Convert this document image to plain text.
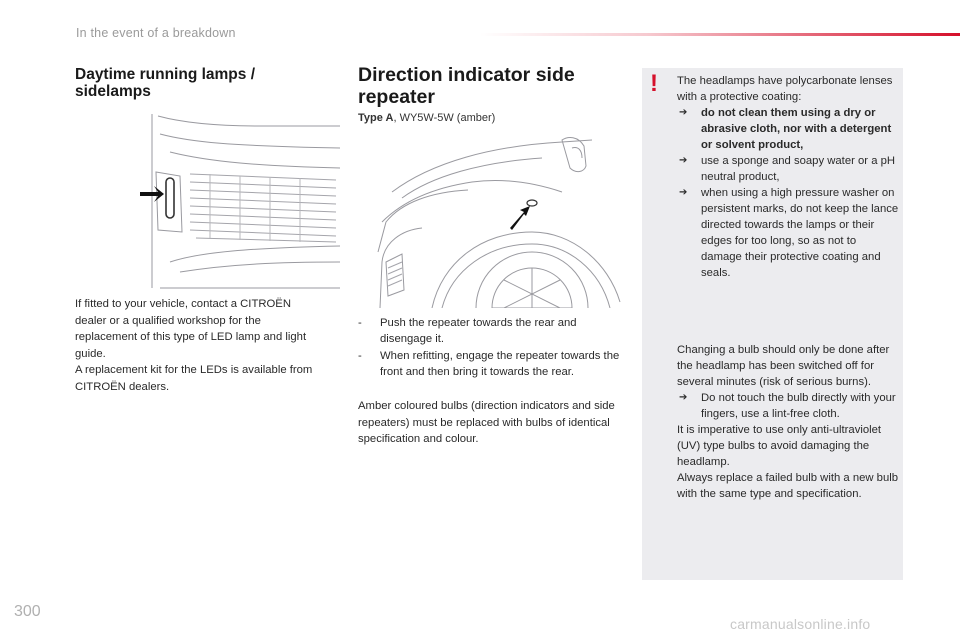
In the event of a breakdown
Daytime running lamps / sidelamps
If fitted to your vehicle, contact a CITROËN
dealer or a qualified workshop for the
replacement of this type of LED lamp and light
guide.
A replacement kit for the LEDs is available from
CITROËN dealers.
Direction indicator side repeater
Type A, WY5W-5W (amber)
- Push the repeater towards the rear and disengage it.
- When refitting, engage the repeater towards the front and then bring it towards the rear.
Amber coloured bulbs (direction indicators and side repeaters) must be replaced with bulbs of identical specification and colour.
! The headlamps have polycarbonate lenses with a protective coating:
➔ do not clean them using a dry or abrasive cloth, nor with a detergent or solvent product,
➔ use a sponge and soapy water or a pH neutral product,
➔ when using a high pressure washer on persistent marks, do not keep the lance directed towards the lamps or their edges for too long, so as not to damage their protective coating and seals.
Changing a bulb should only be done after the headlamp has been switched off for several minutes (risk of serious burns).
➔ Do not touch the bulb directly with your fingers, use a lint-free cloth.
It is imperative to use only anti-ultraviolet (UV) type bulbs to avoid damaging the headlamp.
Always replace a failed bulb with a new bulb with the same type and specification.
300
carmanualsonline.info
